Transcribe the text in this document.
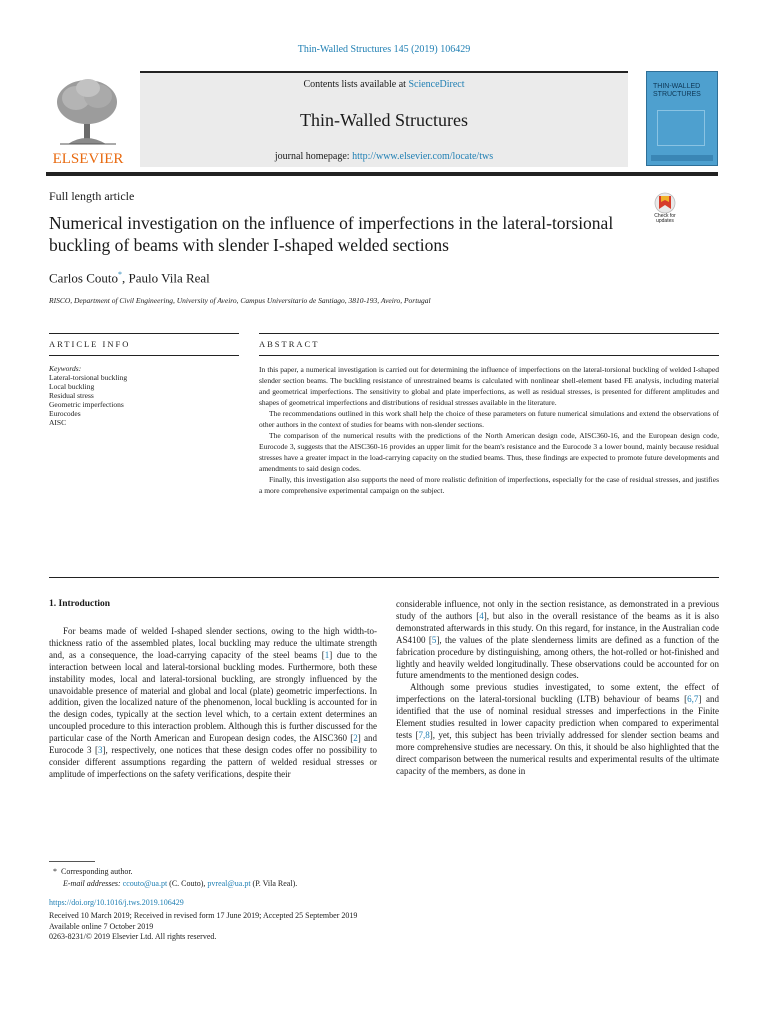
Thin-Walled Structures 145 (2019) 106429
ELSEVIER
Contents lists available at ScienceDirect
Thin-Walled Structures
journal homepage: http://www.elsevier.com/locate/tws
THIN-WALLED STRUCTURES
Full length article
Check for updates
Numerical investigation on the influence of imperfections in the lateral-torsional buckling of beams with slender I-shaped welded sections
Carlos Couto*, Paulo Vila Real
RISCO, Department of Civil Engineering, University of Aveiro, Campus Universitario de Santiago, 3810-193, Aveiro, Portugal
ARTICLE INFO	ABSTRACT
Keywords:
Lateral-torsional buckling
Local buckling
Residual stress
Geometric imperfections
Eurocodes
AISC

In this paper, a numerical investigation is carried out for determining the influence of imperfections on the lateral-torsional buckling of welded I-shaped slender section beams. The buckling resistance of unrestrained beams is calculated with nonlinear shell-element based FE analysis, including material and geometrical imperfections. The sensitivity to global and plate imperfections, as well as residual stresses, is presented for different amplitudes and shapes of geometrical imperfections and distributions of residual stresses available in the literature.

The recommendations outlined in this work shall help the choice of these parameters on future numerical simulations and extend the observations of other authors in the context of studies for beams with non-slender sections.

The comparison of the numerical results with the predictions of the North American design code, AISC360-16, and the European design code, Eurocode 3, suggests that the AISC360-16 provides an upper limit for the beam's resistance and the Eurocode 3 a lower bound, mainly because residual stresses have a greater impact in the load-carrying capacity on the studied beams. Thus, these findings are expected to promote future developments and amendments to said design codes.

Finally, this investigation also supports the need of more realistic definition of imperfections, especially for the case of residual stresses, and justifies a more comprehensive experimental campaign on the subject.

1. Introduction
For beams made of welded I-shaped slender sections, owing to the high width-to-thickness ratio of the assembled plates, local buckling may reduce the ultimate strength and, as a consequence, the load-carrying capacity of the steel beams [1] due to the interaction between local and lateral-torsional buckling modes. Furthermore, both these instability modes, local and lateral-torsional buckling, are strongly influenced by the unavoidable presence of material and global and local (plate) geometric imperfections. In addition, given the localized nature of the phenomenon, local buckling is accounted for in the design codes, typically at the section level which, to a certain extent determines an uncoupled procedure to this interaction problem. Although this is further discussed for the particular case of the North American and European design codes, the AISC360 [2] and Eurocode 3 [3], respectively, one notices that these design codes offer no possibility to consider different assumptions regarding the pattern of welded residual stresses or amplitude of imperfections on the safety verifications, despite their

considerable influence, not only in the section resistance, as demonstrated in a previous study of the authors [4], but also in the overall resistance of the beams as it is also demonstrated afterwards in this study. On this regard, for instance, in the Australian code AS4100 [5], the values of the plate slenderness limits are defined as a function of the fabrication procedure by distinguishing, among others, the hot-rolled or hot-finished and lightly and heavily welded longitudinally. These observations could be accounted for on future amendments to the mentioned design codes.

Although some previous studies investigated, to some extent, the effect of imperfections on the lateral-torsional buckling (LTB) behaviour of beams [6,7] and identified that the use of nominal residual stresses and imperfections in the Finite Element studies resulted in lower capacity prediction when compared to experimental tests [7,8], yet, this subject has been trivially addressed for slender section beams and more comprehensive studies are necessary. On this, it should be also highlighted that the direct comparison between the numerical results and experimental results of the ultimate capacity of the members, as done in

* Corresponding author.
E-mail addresses: ccouto@ua.pt (C. Couto), pvreal@ua.pt (P. Vila Real).
https://doi.org/10.1016/j.tws.2019.106429
Received 10 March 2019; Received in revised form 17 June 2019; Accepted 25 September 2019
Available online 7 October 2019
0263-8231/© 2019 Elsevier Ltd. All rights reserved.
